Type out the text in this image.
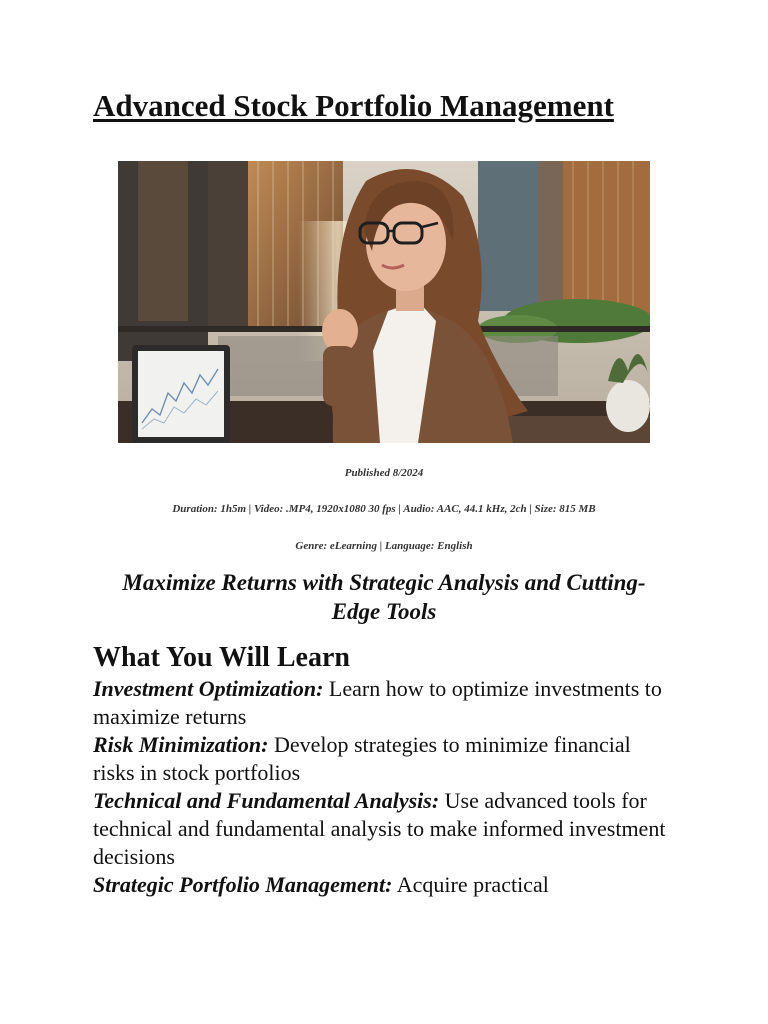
Advanced Stock Portfolio Management
Published 8/2024
Duration: 1h5m | Video: .MP4, 1920x1080 30 fps | Audio: AAC, 44.1 kHz, 2ch | Size: 815 MB
Genre: eLearning | Language: English
Maximize Returns with Strategic Analysis and Cutting-Edge Tools
What You Will Learn
Investment Optimization: Learn how to optimize investments to maximize returns
Risk Minimization: Develop strategies to minimize financial risks in stock portfolios
Technical and Fundamental Analysis: Use advanced tools for technical and fundamental analysis to make informed investment decisions
Strategic Portfolio Management: Acquire practical
